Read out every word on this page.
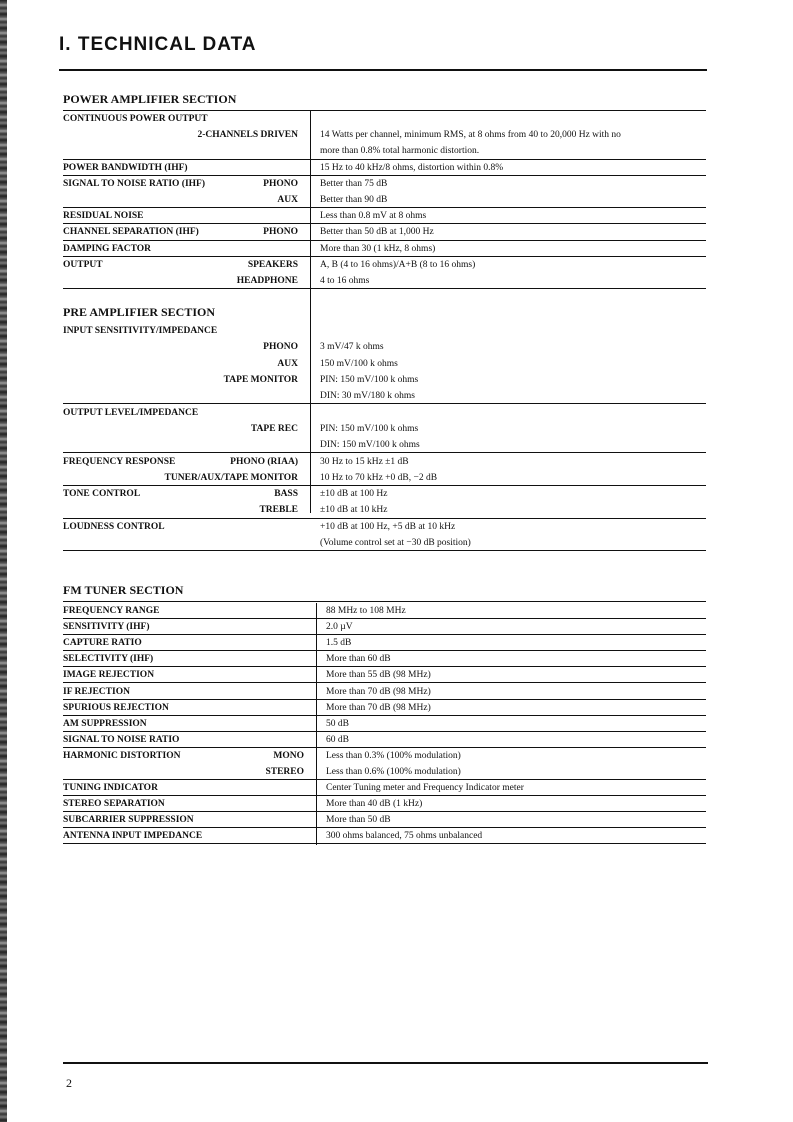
I. TECHNICAL DATA
POWER AMPLIFIER SECTION
CONTINUOUS POWER OUTPUT
2-CHANNELS DRIVEN 14 Watts per channel, minimum RMS, at 8 ohms from 40 to 20,000 Hz with no
more than 0.8% total harmonic distortion.
POWER BANDWIDTH (IHF)	15 Hz to 40 kHz/8 ohms, distortion within 0.8%
SIGNAL TO NOISE RATIO (IHF)	PHONO Better than 75 dB
AUX Better than 90 dB
RESIDUAL NOISE	Less than 0.8 mV at 8 ohms
CHANNEL SEPARATION (IHF)	PHONO Better than 50 dB at 1,000 Hz
DAMPING FACTOR	More than 30 (1 kHz, 8 ohms)
OUTPUT	SPEAKERS A, B (4 to 16 ohms)/A+B (8 to 16 ohms)
HEADPHONE 4 to 16 ohms
PRE AMPLIFIER SECTION
INPUT SENSITIVITY/IMPEDANCE
PHONO 3 mV/47 k ohms
AUX 150 mV/100 k ohms
TAPE MONITOR PIN: 150 mV/100 k ohms
DIN: 30 mV/180 k ohms
OUTPUT LEVEL/IMPEDANCE
TAPE REC PIN: 150 mV/100 k ohms
DIN: 150 mV/100 k ohms
FREQUENCY RESPONSE	PHONO (RIAA) 30 Hz to 15 kHz ±1 dB
TUNER/AUX/TAPE MONITOR 10 Hz to 70 kHz +0 dB, −2 dB
TONE CONTROL	BASS ±10 dB at 100 Hz
TREBLE ±10 dB at 10 kHz
LOUDNESS CONTROL	+10 dB at 100 Hz, +5 dB at 10 kHz
(Volume control set at −30 dB position)
FM TUNER SECTION
FREQUENCY RANGE	88 MHz to 108 MHz
SENSITIVITY (IHF)	2.0 µV
CAPTURE RATIO	1.5 dB
SELECTIVITY (IHF)	More than 60 dB
IMAGE REJECTION	More than 55 dB (98 MHz)
IF REJECTION	More than 70 dB (98 MHz)
SPURIOUS REJECTION	More than 70 dB (98 MHz)
AM SUPPRESSION	50 dB
SIGNAL TO NOISE RATIO	60 dB
HARMONIC DISTORTION	MONO Less than 0.3% (100% modulation)
STEREO Less than 0.6% (100% modulation)
TUNING INDICATOR	Center Tuning meter and Frequency Indicator meter
STEREO SEPARATION	More than 40 dB (1 kHz)
SUBCARRIER SUPPRESSION	More than 50 dB
ANTENNA INPUT IMPEDANCE	300 ohms balanced, 75 ohms unbalanced
2
